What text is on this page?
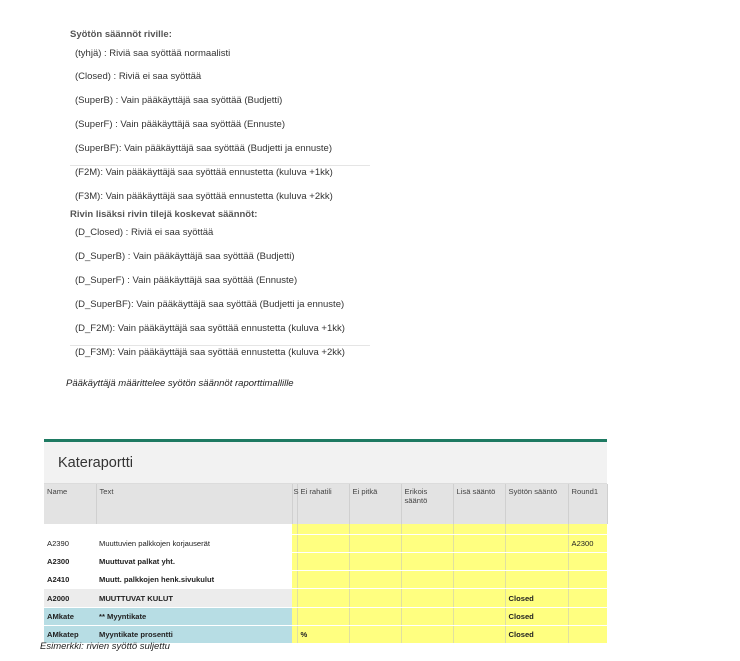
Syötön säännöt riville:
(tyhjä) : Riviä saa syöttää normaalisti
(Closed) : Riviä ei saa syöttää
(SuperB) : Vain pääkäyttäjä saa syöttää (Budjetti)
(SuperF) : Vain pääkäyttäjä saa syöttää (Ennuste)
(SuperBF): Vain pääkäyttäjä saa syöttää (Budjetti ja ennuste)
(F2M): Vain pääkäyttäjä saa syöttää ennustetta (kuluva +1kk)
(F3M): Vain pääkäyttäjä saa syöttää ennustetta (kuluva +2kk)
Rivin lisäksi rivin tilejä koskevat säännöt:
(D_Closed) : Riviä ei saa syöttää
(D_SuperB) : Vain pääkäyttäjä saa syöttää (Budjetti)
(D_SuperF) : Vain pääkäyttäjä saa syöttää (Ennuste)
(D_SuperBF): Vain pääkäyttäjä saa syöttää (Budjetti ja ennuste)
(D_F2M): Vain pääkäyttäjä saa syöttää ennustetta (kuluva +1kk)
(D_F3M): Vain pääkäyttäjä saa syöttää ennustetta (kuluva +2kk)
Pääkäyttäjä määrittelee syötön säännöt raporttimallille
Kateraportti
Name	Text	S	Ei rahatili	Ei pitkä	Erikois sääntö	Lisä sääntö	Syötön sääntö	Round1

A2390	Muuttuvien palkkojen korjauserät							A2300
A2300	Muuttuvat palkat yht.							
A2410	Muutt. palkkojen henk.sivukulut							
A2000	MUUTTUVAT KULUT						Closed	
AMkate	** Myyntikate						Closed	
AMkatep	Myyntikate prosentti		%				Closed	
Esimerkki: rivien syöttö suljettu
